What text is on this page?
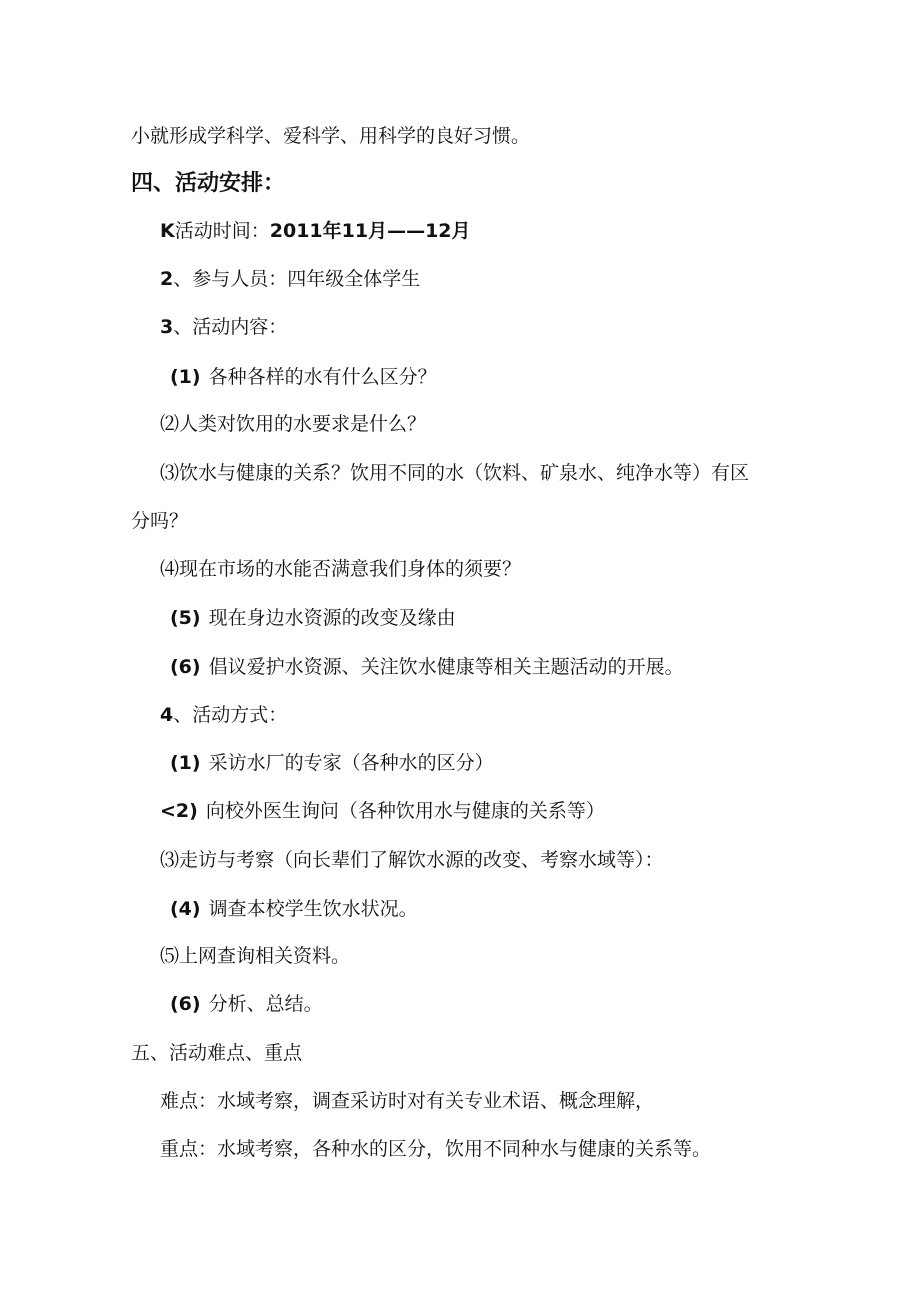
小就形成学科学、爱科学、用科学的良好习惯。
四、活动安排：
K活动时间：2011年11月——12月
2、参与人员：四年级全体学生
3、活动内容：
(1) 各种各样的水有什么区分？
⑵人类对饮用的水要求是什么？
⑶饮水与健康的关系？饮用不同的水（饮料、矿泉水、纯净水等）有区
分吗？
⑷现在市场的水能否满意我们身体的须要？
(5) 现在身边水资源的改变及缘由
(6) 倡议爱护水资源、关注饮水健康等相关主题活动的开展。
4、活动方式：
(1) 采访水厂的专家（各种水的区分）
<2) 向校外医生询问（各种饮用水与健康的关系等）
⑶走访与考察（向长辈们了解饮水源的改变、考察水域等）：
(4) 调查本校学生饮水状况。
⑸上网查询相关资料。
(6) 分析、总结。
五、活动难点、重点
难点：水域考察，调查采访时对有关专业术语、概念理解，
重点：水域考察，各种水的区分，饮用不同种水与健康的关系等。
